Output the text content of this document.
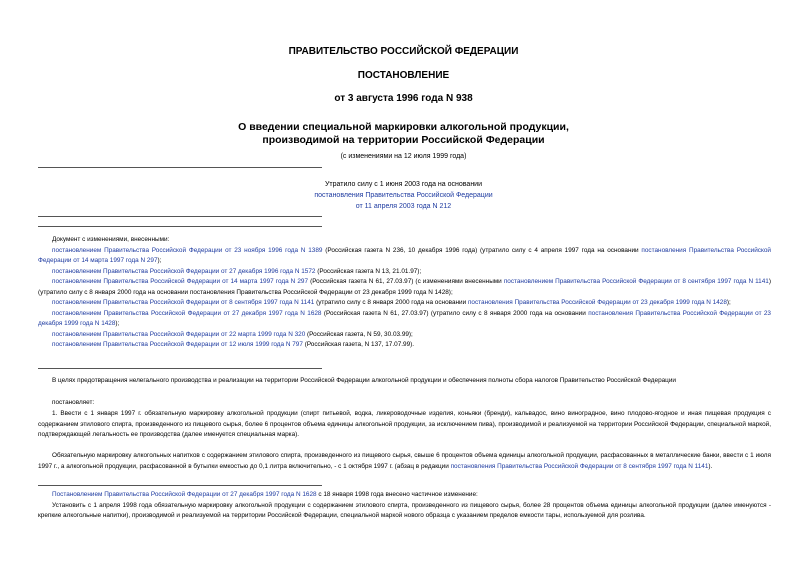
ПРАВИТЕЛЬСТВО РОССИЙСКОЙ ФЕДЕРАЦИИ
ПОСТАНОВЛЕНИЕ
от 3 августа 1996 года N 938
О введении специальной маркировки алкогольной продукции,
производимой на территории Российской Федерации
(с изменениями на 12 июля 1999 года)
Утратило силу с 1 июня 2003 года на основании
постановления Правительства Российской Федерации
от 11 апреля 2003 года N 212

Документ с изменениями, внесенными:

постановлением Правительства Российской Федерации от 23 ноября 1996 года N 1389 (Российская газета N 236, 10 декабря 1996 года) (утратило силу с 4 апреля 1997 года на основании постановления Правительства Российской Федерации от 14 марта 1997 года N 297);

постановлением Правительства Российской Федерации от 27 декабря 1996 года N 1572 (Российская газета N 13, 21.01.97);

постановлением Правительства Российской Федерации от 14 марта 1997 года N 297 (Российская газета N 61, 27.03.97) (с изменениями внесенными постановлением Правительства Российской Федерации от 8 сентября 1997 года N 1141) (утратило силу с 8 января 2000 года на основании постановления Правительства Российской Федерации от 23 декабря 1999 года N 1428);

постановлением Правительства Российской Федерации от 8 сентября 1997 года N 1141 (утратило силу с 8 января 2000 года на основании постановления Правительства Российской Федерации от 23 декабря 1999 года N 1428);

постановлением Правительства Российской Федерации от 27 декабря 1997 года N 1628 (Российская газета N 61, 27.03.97) (утратило силу с 8 января 2000 года на основании постановления Правительства Российской Федерации от 23 декабря 1999 года N 1428);

постановлением Правительства Российской Федерации от 22 марта 1999 года N 320 (Российская газета, N 59, 30.03.99);

постановлением Правительства Российской Федерации от 12 июля 1999 года N 797 (Российская газета, N 137, 17.07.99).

В целях предотвращения нелегального производства и реализации на территории Российской Федерации алкогольной продукции и обеспечения полноты сбора налогов Правительство Российской Федерации

постановляет:

1. Ввести с 1 января 1997 г. обязательную маркировку алкогольной продукции (спирт питьевой, водка, ликероводочные изделия, коньяки (бренди), кальвадос, вино виноградное, вино плодово-ягодное и иная пищевая продукция с содержанием этилового спирта, произведенного из пищевого сырья, более 6 процентов объема единицы алкогольной продукции, за исключением пива), производимой и реализуемой на территории Российской Федерации, специальной маркой, подтверждающей легальность ее производства (далее именуется специальная марка).

Обязательную маркировку алкогольных напитков с содержанием этилового спирта, произведенного из пищевого сырья, свыше 6 процентов объема единицы алкогольной продукции, расфасованных в металлические банки, ввести с 1 июля 1997 г., а алкогольной продукции, расфасованной в бутылки емкостью до 0,1 литра включительно, - с 1 октября 1997 г. (абзац в редакции постановления Правительства Российской Федерации от 8 сентября 1997 года N 1141).

Постановлением Правительства Российской Федерации от 27 декабря 1997 года N 1628 с 18 января 1998 года внесено частичное изменение:

Установить с 1 апреля 1998 года обязательную маркировку алкогольной продукции с содержанием этилового спирта, произведенного из пищевого сырья, более 28 процентов объема единицы алкогольной продукции (далее именуются - крепкие алкогольные напитки), производимой и реализуемой на территории Российской Федерации, специальной маркой нового образца с указанием пределов емкости тары, используемой для розлива.
